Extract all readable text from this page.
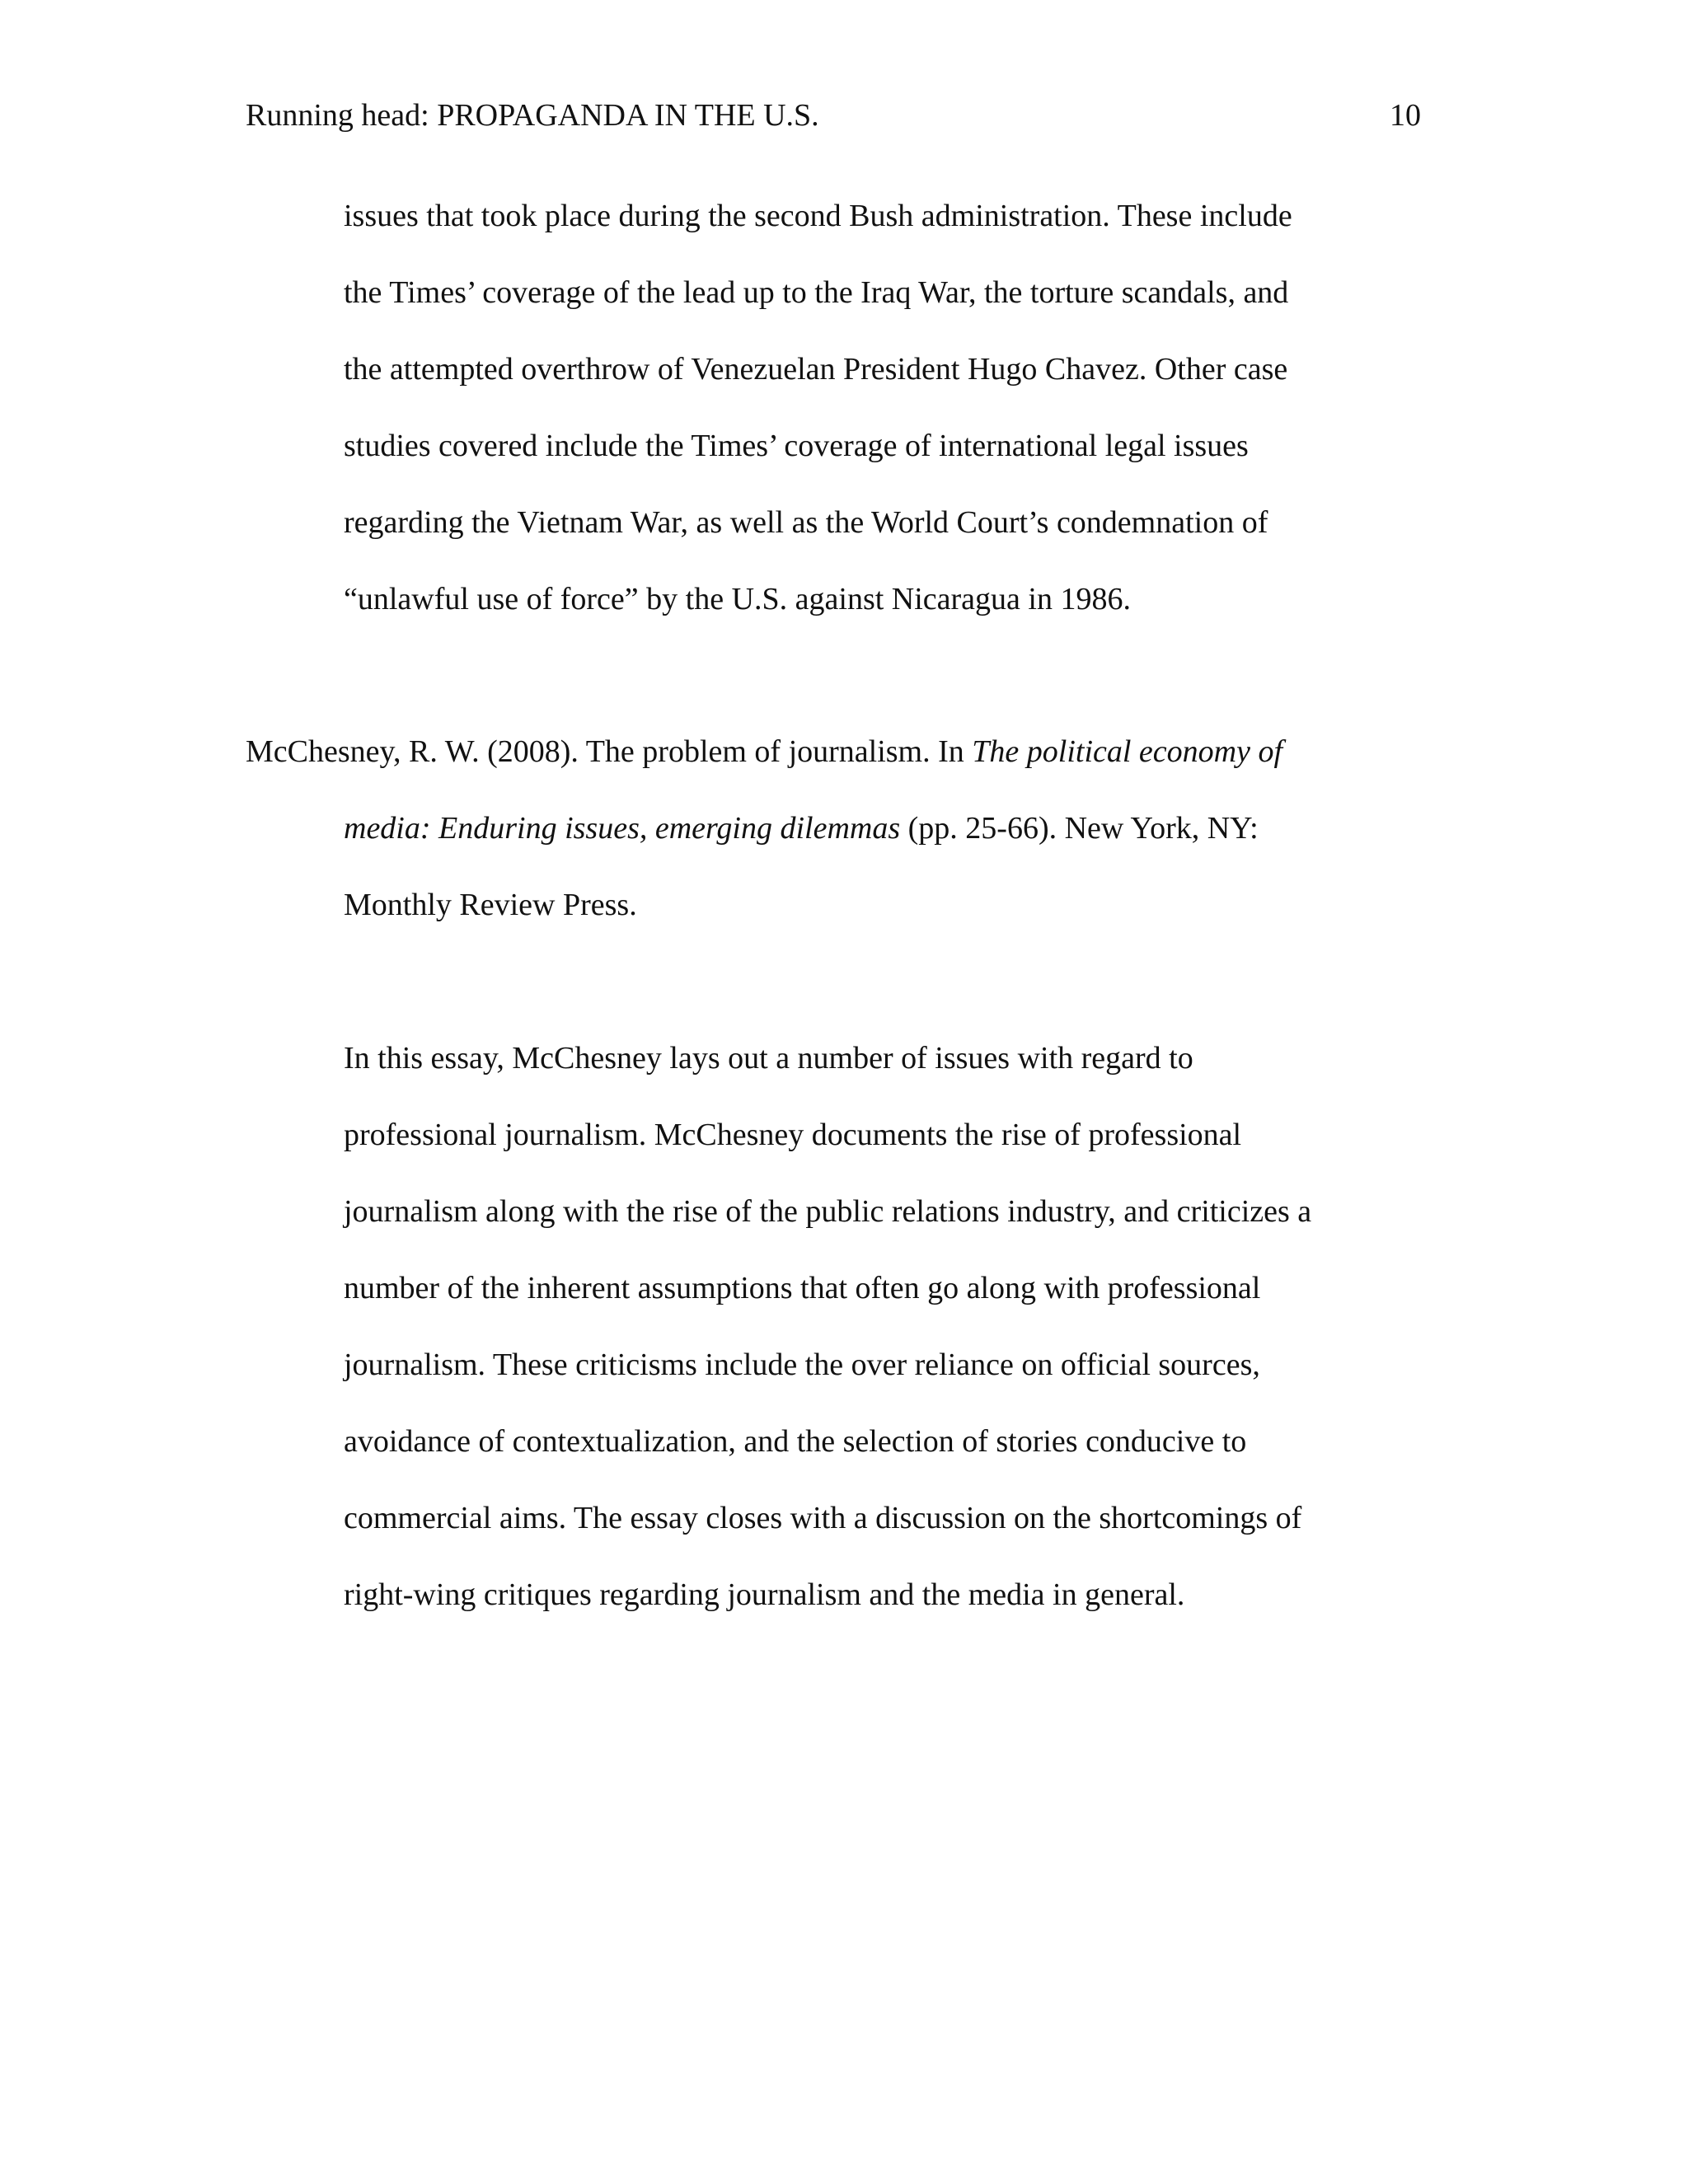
Running head: PROPAGANDA IN THE U.S.	10
issues that took place during the second Bush administration. These include
the Times’ coverage of the lead up to the Iraq War, the torture scandals, and
the attempted overthrow of Venezuelan President Hugo Chavez. Other case
studies covered include the Times’ coverage of international legal issues
regarding the Vietnam War, as well as the World Court’s condemnation of
“unlawful use of force” by the U.S. against Nicaragua in 1986.
McChesney, R. W. (2008). The problem of journalism. In The political economy of
media: Enduring issues, emerging dilemmas (pp. 25-66). New York, NY:
Monthly Review Press.
In this essay, McChesney lays out a number of issues with regard to
professional journalism. McChesney documents the rise of professional
journalism along with the rise of the public relations industry, and criticizes a
number of the inherent assumptions that often go along with professional
journalism. These criticisms include the over reliance on official sources,
avoidance of contextualization, and the selection of stories conducive to
commercial aims. The essay closes with a discussion on the shortcomings of
right-wing critiques regarding journalism and the media in general.
